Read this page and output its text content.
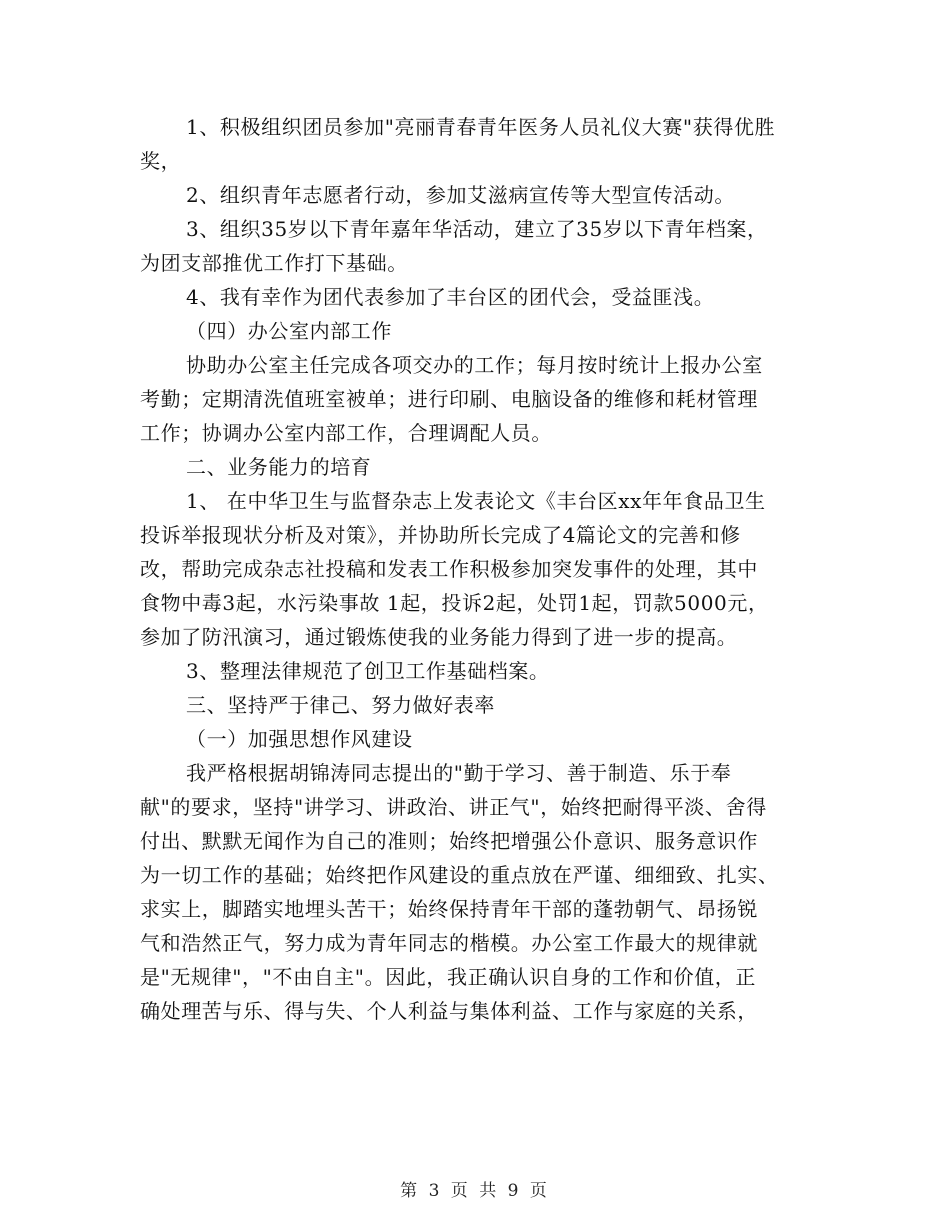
1、积极组织团员参加"亮丽青春青年医务人员礼仪大赛"获得优胜
奖，
2、组织青年志愿者行动，参加艾滋病宣传等大型宣传活动。
3、组织35岁以下青年嘉年华活动，建立了35岁以下青年档案，
为团支部推优工作打下基础。
4、我有幸作为团代表参加了丰台区的团代会，受益匪浅。
（四）办公室内部工作
协助办公室主任完成各项交办的工作；每月按时统计上报办公室
考勤；定期清洗值班室被单；进行印刷、电脑设备的维修和耗材管理
工作；协调办公室内部工作，合理调配人员。
二、业务能力的培育
1、 在中华卫生与监督杂志上发表论文《丰台区xx年年食品卫生
投诉举报现状分析及对策》，并协助所长完成了4篇论文的完善和修
改，帮助完成杂志社投稿和发表工作积极参加突发事件的处理，其中
食物中毒3起，水污染事故 1起，投诉2起，处罚1起，罚款5000元，
参加了防汛演习，通过锻炼使我的业务能力得到了进一步的提高。
3、整理法律规范了创卫工作基础档案。
三、坚持严于律己、努力做好表率
（一）加强思想作风建设
我严格根据胡锦涛同志提出的"勤于学习、善于制造、乐于奉
献"的要求，坚持"讲学习、讲政治、讲正气"，始终把耐得平淡、舍得
付出、默默无闻作为自己的准则；始终把增强公仆意识、服务意识作
为一切工作的基础；始终把作风建设的重点放在严谨、细细致、扎实、
求实上，脚踏实地埋头苦干；始终保持青年干部的蓬勃朝气、昂扬锐
气和浩然正气，努力成为青年同志的楷模。办公室工作最大的规律就
是"无规律"，"不由自主"。因此，我正确认识自身的工作和价值，正
确处理苦与乐、得与失、个人利益与集体利益、工作与家庭的关系，
第 3 页 共 9 页
